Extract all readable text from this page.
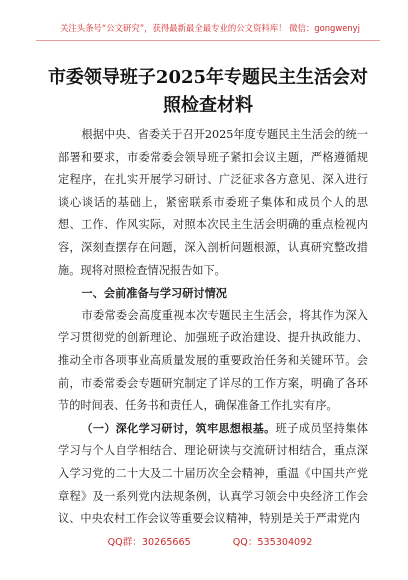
关注头条号“公文研究”，获得最新最全最专业的公文资料库！ 微信：gongwenyj
市委领导班子2025年专题民主生活会对
照检查材料

根据中央、省委关于召开2025年度专题民主生活会的统一部署和要求，市委常委会领导班子紧扣会议主题，严格遵循规定程序，在扎实开展学习研讨、广泛征求各方意见、深入进行谈心谈话的基础上，紧密联系市委班子集体和成员个人的思想、工作、作风实际，对照本次民主生活会明确的重点检视内容，深刻查摆存在问题，深入剖析问题根源，认真研究整改措施。现将对照检查情况报告如下。

一、会前准备与学习研讨情况

市委常委会高度重视本次专题民主生活会，将其作为深入学习贯彻党的创新理论、加强班子政治建设、提升执政能力、推动全市各项事业高质量发展的重要政治任务和关键环节。会前，市委常委会专题研究制定了详尽的工作方案，明确了各环节的时间表、任务书和责任人，确保准备工作扎实有序。

（一）深化学习研讨，筑牢思想根基。班子成员坚持集体学习与个人自学相结合、理论研读与交流研讨相结合，重点深入学习党的二十大及二十届历次全会精神，重温《中国共产党章程》及一系列党内法规条例，认真学习领会中央经济工作会议、中央农村工作会议等重要会议精神，特别是关于严肃党内

QQ群：30265665	QQ：535304092
